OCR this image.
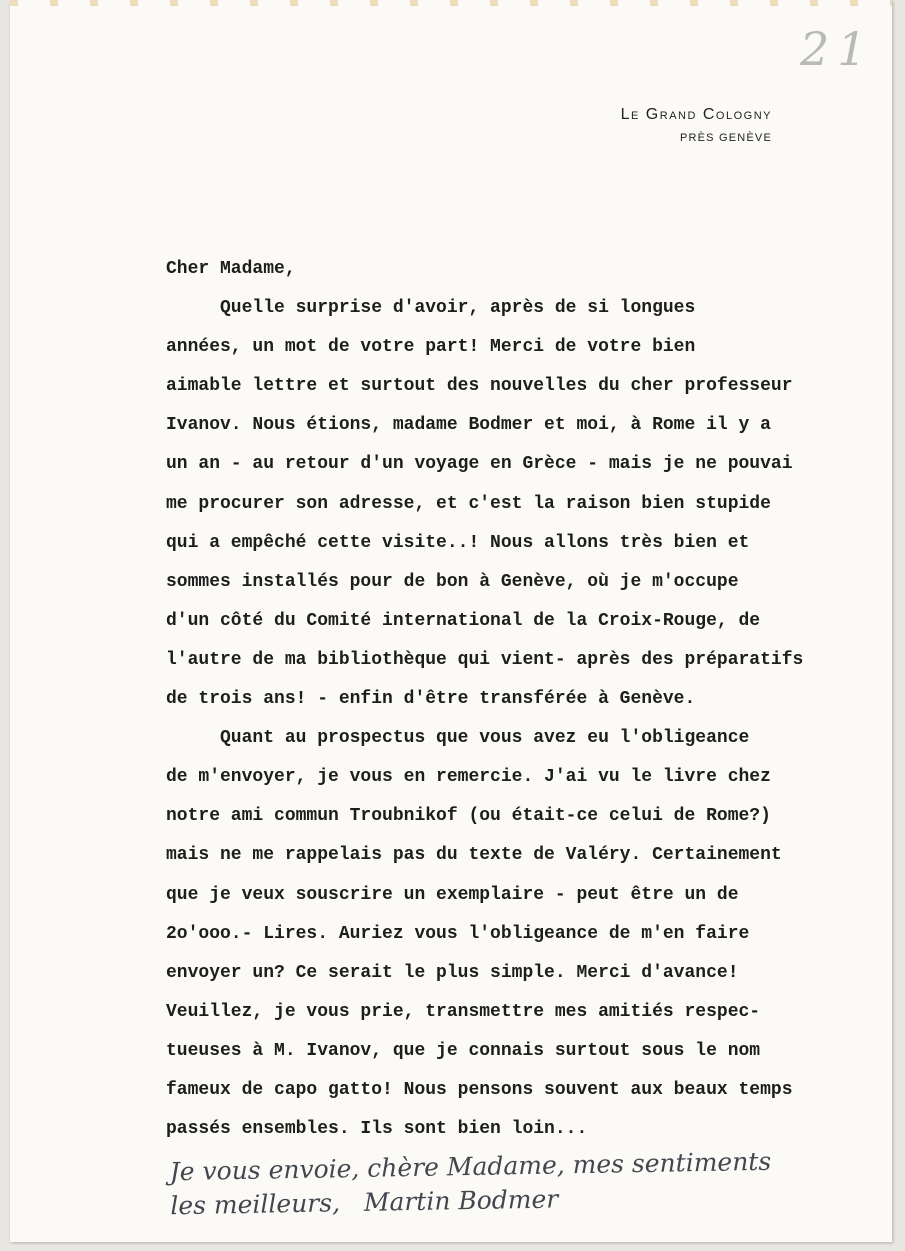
21
Le Grand Cologny
PRÈS GENÈVE
Cher Madame,
Quelle surprise d'avoir, après de si longues
années, un mot de votre part! Merci de votre bien
aimable lettre et surtout des nouvelles du cher professeur
Ivanov. Nous étions, madame Bodmer et moi, à Rome il y a
un an - au retour d'un voyage en Grèce - mais je ne pouvai
me procurer son adresse, et c'est la raison bien stupide
qui a empêché cette visite..! Nous allons très bien et
sommes installés pour de bon à Genève, où je m'occupe
d'un côté du Comité international de la Croix-Rouge, de
l'autre de ma bibliothèque qui vient- après des préparatifs
de trois ans! - enfin d'être transférée à Genève.
Quant au prospectus que vous avez eu l'obligeance
de m'envoyer, je vous en remercie. J'ai vu le livre chez
notre ami commun Troubnikof (ou était-ce celui de Rome?)
mais ne me rappelais pas du texte de Valéry. Certainement
que je veux souscrire un exemplaire - peut être un de
2o'ooo.- Lires. Auriez vous l'obligeance de m'en faire
envoyer un? Ce serait le plus simple. Merci d'avance!
Veuillez, je vous prie, transmettre mes amitiés respec-
tueuses à M. Ivanov, que je connais surtout sous le nom
fameux de capo gatto! Nous pensons souvent aux beaux temps
passés ensembles. Ils sont bien loin...
Je vous envoie, chère Madame, mes sentiments
les meilleurs,   Martin Bodmer
